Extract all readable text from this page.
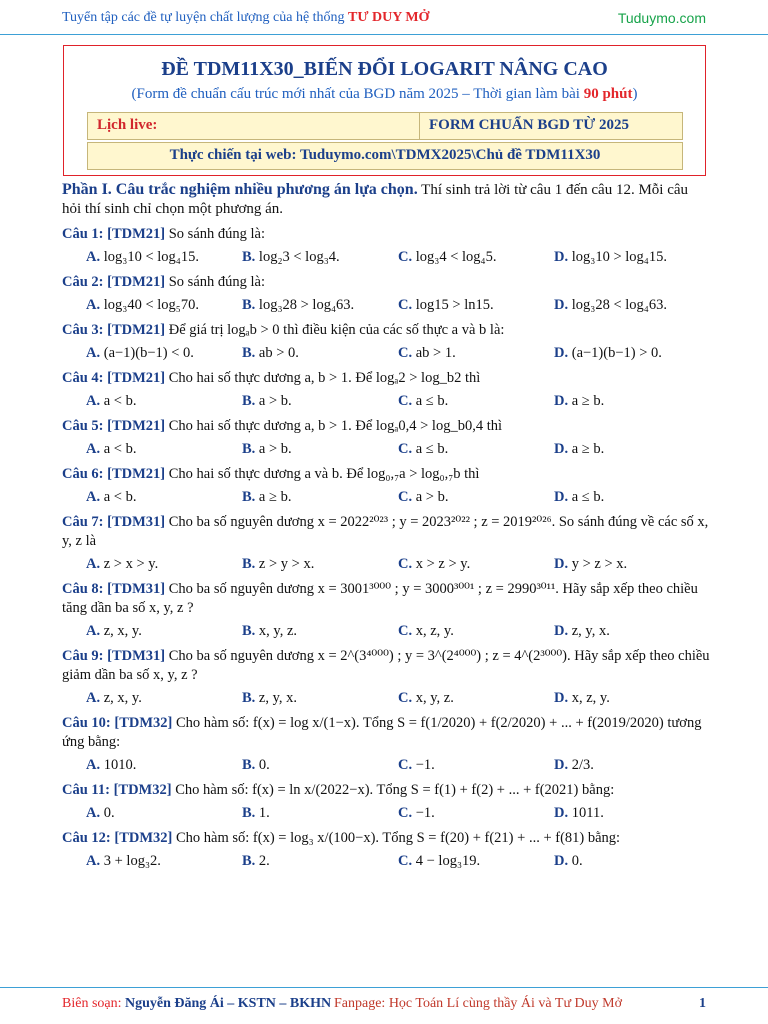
Tuyển tập các đề tự luyện chất lượng của hệ thống TƯ DUY MỞ	Tuduymo.com
ĐỀ TDM11X30_BIẾN ĐỔI LOGARIT NÂNG CAO
(Form đề chuẩn cấu trúc mới nhất của BGD năm 2025 – Thời gian làm bài 90 phút)
Lịch live:	FORM CHUẨN BGD TỪ 2025
Thực chiến tại web: Tuduymo.com\TDMX2025\Chủ đề TDM11X30
Phần I. Câu trắc nghiệm nhiều phương án lựa chọn. Thí sinh trả lời từ câu 1 đến câu 12. Mỗi câu hỏi thí sinh chỉ chọn một phương án.
Câu 1: [TDM21] So sánh đúng là:
A. log₃10 < log₄15.	B. log₂3 < log₃4.	C. log₃4 < log₄5.	D. log₃10 > log₄15.
Câu 2: [TDM21] So sánh đúng là:
A. log₃40 < log₅70.	B. log₃28 > log₄63.	C. log15 > ln15.	D. log₃28 < log₄63.
Câu 3: [TDM21] Để giá trị logₐb > 0 thì điều kiện của các số thực a và b là:
A. (a−1)(b−1) < 0.	B. ab > 0.	C. ab > 1.	D. (a−1)(b−1) > 0.
Câu 4: [TDM21] Cho hai số thực dương a, b > 1. Để logₐ2 > log_b2 thì
A. a < b.	B. a > b.	C. a ≤ b.	D. a ≥ b.
Câu 5: [TDM21] Cho hai số thực dương a, b > 1. Để logₐ0,4 > log_b0,4 thì
A. a < b.	B. a > b.	C. a ≤ b.	D. a ≥ b.
Câu 6: [TDM21] Cho hai số thực dương a và b. Để log₀,₇a > log₀,₇b thì
A. a < b.	B. a ≥ b.	C. a > b.	D. a ≤ b.
Câu 7: [TDM31] Cho ba số nguyên dương x = 2022²⁰²³ ; y = 2023²⁰²² ; z = 2019²⁰²⁶. So sánh đúng về các số x, y, z là
A. z > x > y.	B. z > y > x.	C. x > z > y.	D. y > z > x.
Câu 8: [TDM31] Cho ba số nguyên dương x = 3001³⁰⁰⁰ ; y = 3000³⁰⁰¹ ; z = 2990³⁰¹¹. Hãy sắp xếp theo chiều tăng dần ba số x, y, z ?
A. z, x, y.	B. x, y, z.	C. x, z, y.	D. z, y, x.
Câu 9: [TDM31] Cho ba số nguyên dương x = 2^(3⁴⁰⁰⁰) ; y = 3^(2⁴⁰⁰⁰) ; z = 4^(2³⁰⁰⁰). Hãy sắp xếp theo chiều giảm dần ba số x, y, z ?
A. z, x, y.	B. z, y, x.	C. x, y, z.	D. x, z, y.
Câu 10: [TDM32] Cho hàm số: f(x) = log x/(1−x). Tổng S = f(1/2020) + f(2/2020) + ... + f(2019/2020) tương ứng bằng:
A. 1010.	B. 0.	C. −1.	D. 2/3.
Câu 11: [TDM32] Cho hàm số: f(x) = ln x/(2022−x). Tổng S = f(1) + f(2) + ... + f(2021) bằng:
A. 0.	B. 1.	C. −1.	D. 1011.
Câu 12: [TDM32] Cho hàm số: f(x) = log₃ x/(100−x). Tổng S = f(20) + f(21) + ... + f(81) bằng:
A. 3 + log₃2.	B. 2.	C. 4 − log₃19.	D. 0.
Biên soạn: Nguyễn Đăng Ái – KSTN – BKHN Fanpage: Học Toán Lí cùng thầy Ái và Tư Duy Mở	1
